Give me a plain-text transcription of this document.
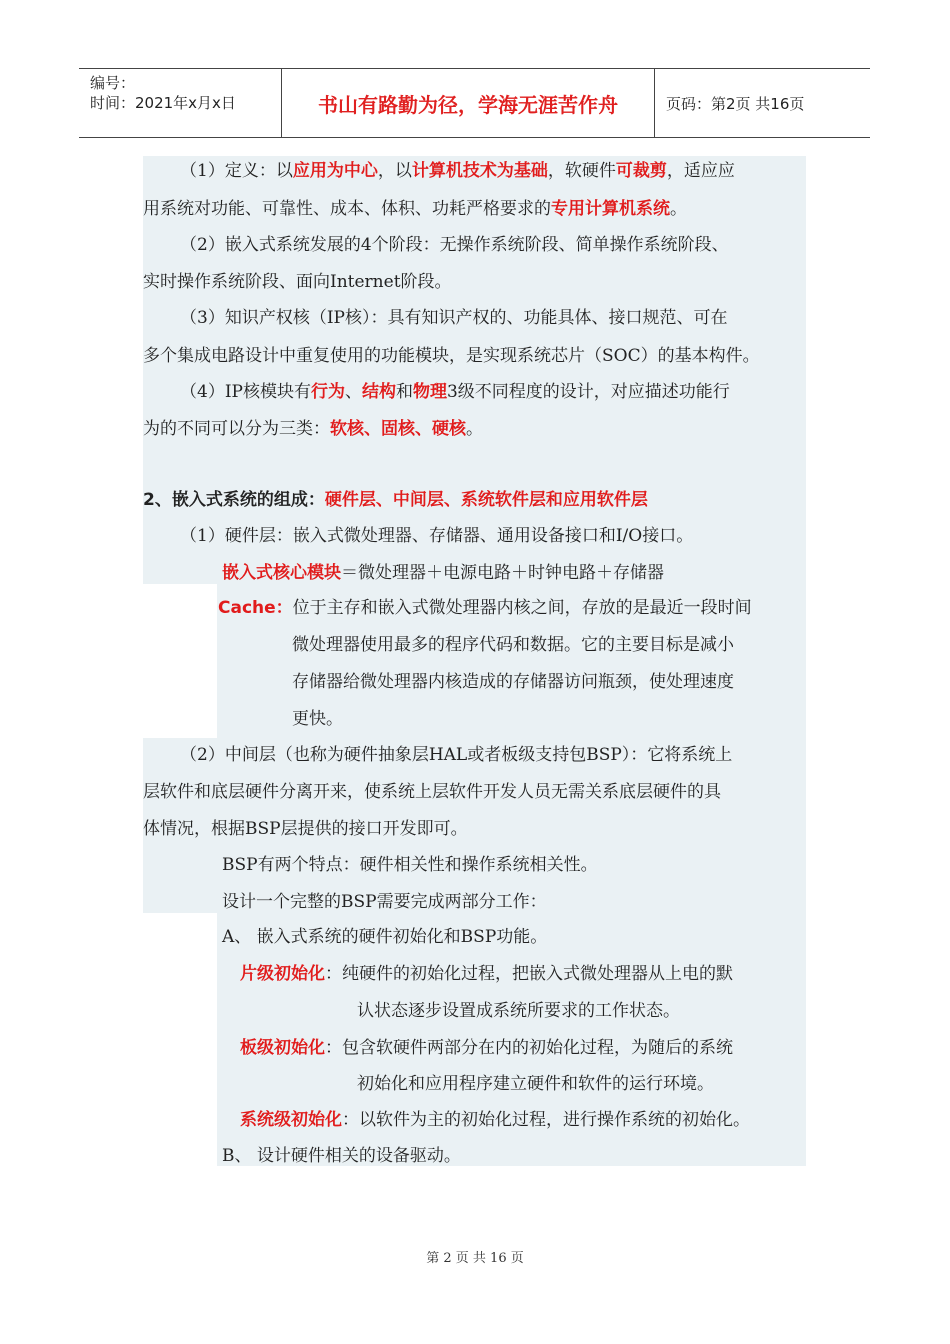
编号：
时间：2021年x月x日	书山有路勤为径，学海无涯苦作舟	页码：第2页 共16页
（1）定义：以应用为中心，以计算机技术为基础，软硬件可裁剪，适应应
用系统对功能、可靠性、成本、体积、功耗严格要求的专用计算机系统。
（2）嵌入式系统发展的4个阶段：无操作系统阶段、简单操作系统阶段、
实时操作系统阶段、面向Internet阶段。
（3）知识产权核（IP核）：具有知识产权的、功能具体、接口规范、可在
多个集成电路设计中重复使用的功能模块，是实现系统芯片（SOC）的基本构件。
（4）IP核模块有行为、结构和物理3级不同程度的设计，对应描述功能行
为的不同可以分为三类：软核、固核、硬核。
2、嵌入式系统的组成：硬件层、中间层、系统软件层和应用软件层
（1）硬件层：嵌入式微处理器、存储器、通用设备接口和I/O接口。
嵌入式核心模块＝微处理器＋电源电路＋时钟电路＋存储器
Cache：位于主存和嵌入式微处理器内核之间，存放的是最近一段时间
微处理器使用最多的程序代码和数据。它的主要目标是减小
存储器给微处理器内核造成的存储器访问瓶颈，使处理速度
更快。
（2）中间层（也称为硬件抽象层HAL或者板级支持包BSP）：它将系统上
层软件和底层硬件分离开来，使系统上层软件开发人员无需关系底层硬件的具
体情况，根据BSP层提供的接口开发即可。
BSP有两个特点：硬件相关性和操作系统相关性。
设计一个完整的BSP需要完成两部分工作：
A、 嵌入式系统的硬件初始化和BSP功能。
片级初始化：纯硬件的初始化过程，把嵌入式微处理器从上电的默
认状态逐步设置成系统所要求的工作状态。
板级初始化：包含软硬件两部分在内的初始化过程，为随后的系统
初始化和应用程序建立硬件和软件的运行环境。
系统级初始化：以软件为主的初始化过程，进行操作系统的初始化。
B、 设计硬件相关的设备驱动。
第 2 页 共 16 页
